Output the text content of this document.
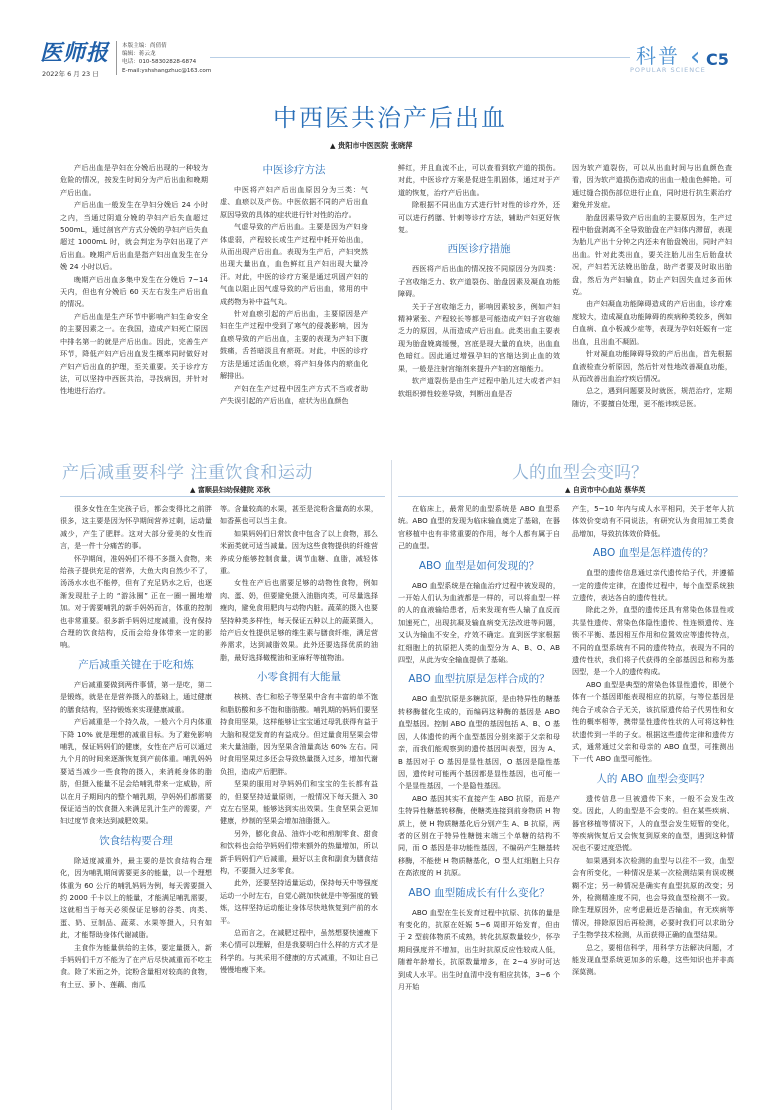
医师报
2022年 6 月 23 日
本版主编：尚倩倩
编辑：蒋云龙
电话：010-58302828-6874
E-mail:yshshangzhuc@163.com
科普
POPULAR SCIENCE
‹ C5
中西医共治产后出血
▲ 贵阳市中医医院 张晓萍

产后出血是孕妇在分娩后出现的一种较为危险的情况，按发生时间分为产后出血和晚期产后出血。

产后出血一般发生在孕妇分娩后 24 小时之内，当通过阴道分娩的孕妇产后失血超过 500mL，通过剖宫产方式分娩的孕妇产后失血超过 1000mL 时，就会判定为孕妇出现了产后出血。晚期产后出血是指产妇出血发生在分娩 24 小时以后。

晚期产后出血多集中发生在分娩后 7~14 天内，但也有分娩后 60 天左右发生产后出血的情况。

产后出血是生产环节中影响产妇生命安全的主要因素之一。在我国，造成产妇死亡原因中排名第一的就是产后出血。因此，完善生产环节，降低产妇产后出血发生概率同时做好对产妇产后出血的护理，至关重要。关于诊疗方法，可以坚持中西医共治，寻找病因，并针对性地进行治疗。

中医诊疗方法

中医将产妇产后出血原因分为三类：气虚、血瘀以及产伤。中医依据不同的产后出血原因导致的具体的症状进行针对性的治疗。

气虚导致的产后出血。主要是因为产妇身体虚弱，产程较长或生产过程中耗开始出血，从而出现产后出血。表现为生产后，产妇突然出现大量出血，血色鲜红且产妇出现大量冷汗。对此，中医的诊疗方案是通过巩固产妇的气血以阻止因气虚导致的产后出血，常用的中成药物为补中益气丸。

针对血瘀引起的产后出血，主要原因是产妇在生产过程中受到了寒气的侵袭影响，因为血瘀导致的产后出血，主要的表现为产妇下腹鼓痛，舌苔暗淡且有瘀斑。对此，中医的诊疗方法是通过活血化瘀，将产妇身体内的瘀血化解排出。

产妇在生产过程中因生产方式不当或者助产失误引起的产后出血，症状为出血颜色

鲜红，并且血流不止，可以查看到软产道的损伤。对此，中医诊疗方案是促进生肌固体，通过对于产道的恢复，治疗产后出血。

除根据不同出血方式进行针对性的诊疗外，还可以进行药膳、针刺等诊疗方法，辅助产妇更好恢复。

西医诊疗措施

西医将产后出血的情况按不同原因分为四类：子宫收缩乏力、软产道裂伤、胎盘因素及凝血功能障碍。

关于子宫收缩乏力，影响因素较多，例如产妇精神紧张、产程较长等都是可能造成产妇子宫收缩乏力的原因，从而造成产后出血。此类出血主要表现为胎盘娩离缓慢，宫底是现大量的血块，出血血色暗红。因此通过增强孕妇的宫缩达到止血的效果，一般是注射宫缩剂来提升产妇的宫缩能力。

软产道裂伤是由生产过程中胎儿过大或者产妇软组织弹性较差导致，判断出血是否

因为软产道裂伤，可以从出血时间与出血颜色查看，因为软产道损伤造成的出血一般血色鲜艳。可通过缝合损伤部位进行止血，同时进行抗生素治疗避免并发症。

胎盘因素导致产后出血的主要原因为，生产过程中胎盘剥离不全导致胎盘在产妇体内滞留，表现为胎儿产出十分钟之内还未有胎盘娩出，同时产妇出血。针对此类出血，要关注胎儿出生后胎盘状况，产妇若无法娩出胎盘，助产者要及时取出胎盘，然后为产妇输血，防止产妇因失血过多而休克。

由产妇凝血功能障碍造成的产后出血，诊疗难度较大，造成凝血功能障碍的疾病种类较多，例如白血病、血小板减少症等，表现为孕妇妊娠有一定出血，且出血不凝固。

针对凝血功能障碍导致的产后出血，首先根据血液检查分析原因，然后针对性地改善凝血功能，从而改善出血治疗疾后情况。

总之，遇到问题要及时就医，规范治疗，定期随访，不要擅自处理，更不能讳疾忌医。

产后减重要科学 注重饮食和运动
▲ 富顺县妇幼保健院 邓秋

很多女性在生完孩子后，都会变得比之前胖很多，这主要是因为怀孕期间营养过剩，运动量减少，产生了肥胖。这对大部分爱美的女性而言，是一件十分痛苦的事。

怀孕期间，准妈妈们不得不多摄入食物，来给孩子提供充足的营养，大鱼大肉自然少不了，汤汤水水也不能停，但有了充足奶水之后，也逐渐发现肚子上的 “游泳圈” 正在一圈一圈地增加。对于需要哺乳的新手妈妈而言，体重的控制也非常重要。很多新手妈妈过度减重，没有保持合理的饮食结构，反而会给身体带来一定的影响。

产后减重关键在于吃和炼

产后减重要做到两件事情，第一是吃，第二是锻炼，就是在是营养摄入的基础上，通过健康的膳食结构，坚持锻炼来实现健康减重。

产后减重是一个持久战，一般六个月内体重下降 10% 就是理想的减重目标。为了避免影响哺乳，保证妈妈们的健康，女性在产后可以通过九个月的时间来逐渐恢复到产前体重。哺乳妈妈要适当减少一些食物的摄入，来消耗身体的脂肪，但摄入能量不足会给哺乳带来一定威胁，所以在月子期间内的整个哺乳期，孕妈妈们都需要保证适当的饮食摄入来满足乳汁生产的需要，产妇过度节食来达到减肥效果。

饮食结构要合理

除适度减重外，最主要的是饮食结构合理化，因为哺乳期间需要更多的能量，以一个理想体重为 60 公斤的哺乳妈妈为例，每天需要摄入约 2000 千卡以上的能量，才能满足哺乳需要，这就相当于每天必须保证足够的谷类、肉类、蛋、奶、豆制品、蔬菜、水果等摄入，只有如此，才能帮助身体代谢减脂。

主食作为能量供给的主体，要定量摄入，新手妈妈们千万不能为了在产后尽快减重而不吃主食。除了米面之外，淀粉含量相对较高的食物，有土豆、萝卜、莲藕、南瓜

等。含量较高的水果，甚至是淀粉含量高的水果，如香蕉也可以当主食。

如果妈妈们日常饮食中包含了以上食物，那么米面类就可适当减量。因为这些食物提供的纤维营养成分能够控制食量，调节血糖、血脂，减轻体重。

女性在产后也需要足够的动物性食物，例如肉、蛋、奶，但要避免摄入油脂肉类，可尽量选择瘦肉，避免食用肥肉与动物内脏。蔬菜的摄入也要坚持种类多样性，每天保证五种以上的蔬菜摄入，给产后女性提供足够的维生素与膳食纤维，满足营养需求，达到减脂效果。此外还要选择优质的油脂，最好选择橄榄油和亚麻籽等植物油。

小零食拥有大能量

核桃、杏仁和松子等坚果中含有丰富的单不饱和脂肪酸和多不饱和脂肪酸。哺乳期的妈妈们要坚持食用坚果，这样能够让宝宝通过母乳获得有益于大脑和视觉发育的有益成分。但过量食用坚果会带来大量油脂，因为坚果含油量高达 60% 左右。同时食用坚果过多还会导致热量摄入过多，增加代谢负担，造成产后肥胖。

坚果的服用对孕妈妈们和宝宝的生长都有益的，但要坚持适量原则，一般情况下每天摄入 30 克左右坚果，能够达到实出效果。生食坚果会更加健康，炒制的坚果会增加油脂摄入。

另外，膨化食品、油炸小吃和煎制零食、甜食和饮料也会给孕妈妈们带来额外的热量增加，所以新手妈妈们产后减重，最好以主食和副食为膳食结构，不要摄入过多零食。

此外，还要坚持适量运动，保持每天中等强度运动一小时左右，自觉心跳加快就是中等强度的锻炼，这样坚持运动能让身体尽快地恢复到产前的水平。

总而言之，在减肥过程中，虽然想要快速瘦下来心情可以理解，但是我要明白什么样的方式才是科学的。与其采用不健康的方式减重，不如让自己慢慢地瘦下来。

人的血型会变吗？
▲ 自贡市中心血站 蔡华英

在临床上，最常见的血型系统是 ABO 血型系统。ABO 血型的发现为临床输血奠定了基础，在器官移植中也有非常重要的作用，每个人都有属于自己的血型。

ABO 血型是如何发现的？

ABO 血型系统是在输血治疗过程中被发现的，一开始人们认为血液都是一样的，可以将血型一样的人的血液输给患者，后来发现有些人输了血反而加速死亡，出现抗凝及输血病变无法改进等问题，又认为输血不安全，疗效不确定。直到医学家根据红细胞上的抗原把人类的血型分为 A、B、O、AB 四型，从此为安全输血提供了基础。

ABO 血型抗原是怎样合成的？

ABO 血型抗原是多糖抗原，是由特异性的糖基转移酶催化生成的，而编码这种酶的基因是 ABO 血型基因。控制 ABO 血型的基因包括 A、B、O 基因，人体遗传的两个血型基因分别来源于父亲和母亲，而我们能观察到的遗传基因叫表型，因为 A、B 基因对于 O 基因是显性基因，O 基因是隐性基因，遗传时可能两个基因都是显性基因，也可能一个是显性基因，一个是隐性基因。

ABO 基因其实不直接产生 ABO 抗原，而是产生特异性糖基转移酶，使糖类连接到前身物质 H 物质上，使 H 物质糖基化后分别产生 A、B 抗原，两者的区别在于特异性糖链末端三个单糖的结构不同，而 O 基因是非功能性基因，不编码产生糖基转移酶，不能使 H 物质糖基化，O 型人红细胞上只存在高浓度的 H 抗原。

ABO 血型随成长有什么变化？

ABO 血型在生长发育过程中抗原、抗体的量是有变化的，抗原在妊娠 5~6 周即开始发育，但由于 2 型前体物质不成熟，转化抗原数量较少，怀孕期间强度并不增加，出生时抗原反应性较成人低，随着年龄增长，抗原数量增多，在 2~4 岁时可达到成人水平。出生时血清中没有相应抗体，3~6 个月开始

产生，5~10 年内与成人水平相同，关于老年人抗体效价变动有不同说法，有研究认为食用加工类食品增加，导致抗体效价降低。

ABO 血型是怎样遗传的？

血型的遗传信息通过亲代遗传给子代，并遵循一定的遗传定律，在遗传过程中，每个血型系统独立遗传，表达各自的遗传性状。

除此之外，血型的遗传还具有常染色体显性或共显性遗传、常染色体隐性遗传、性连锁遗传、连锁不平衡、基因相互作用和位置效应等遗传特点，不同的血型系统有不同的遗传特点，表现为不同的遗传性状，我们将子代获得的全部基因总和称为基因型，是一个人的遗传构成。

ABO 血型是典型的常染色体显性遗传，即使个体有一个基因即能表现相应的抗原，与等位基因是纯合子或杂合子无关，该抗原遗传给子代男性和女性的概率相等，携带显性遗传性状的人可将这种性状遗传到一半的子女。根据这些遗传定律和遗传方式，通常通过父亲和母亲的 ABO 血型，可推测出下一代 ABO 血型可能性。

人的 ABO 血型会变吗？

遗传信息一旦被遗传下来，一般不会发生改变。因此，人的血型是不会变的。但在某些疾病、器官移植等情况下，人的血型会发生短暂的变化，等疾病恢复后又会恢复到原来的血型，遇到这种情况也不要过度恐慌。

如果遇到本次检测的血型与以往不一致，血型会有所变化，一种情况是某一次检测结果有误或模糊不定；另一种情况是确实有血型抗原的改变；另外，检测精准度不同，也会导致血型检测不一致。除生理原因外，应考虑最近是否输血，有无疾病等情况，排除原因后再检测，必要时我们可以求助分子生物学技术检测，从而获得正确的血型结果。

总之，要相信科学，用科学方法解决问题，才能发现血型系统更加多的乐趣，这些知识也并非高深莫测。
